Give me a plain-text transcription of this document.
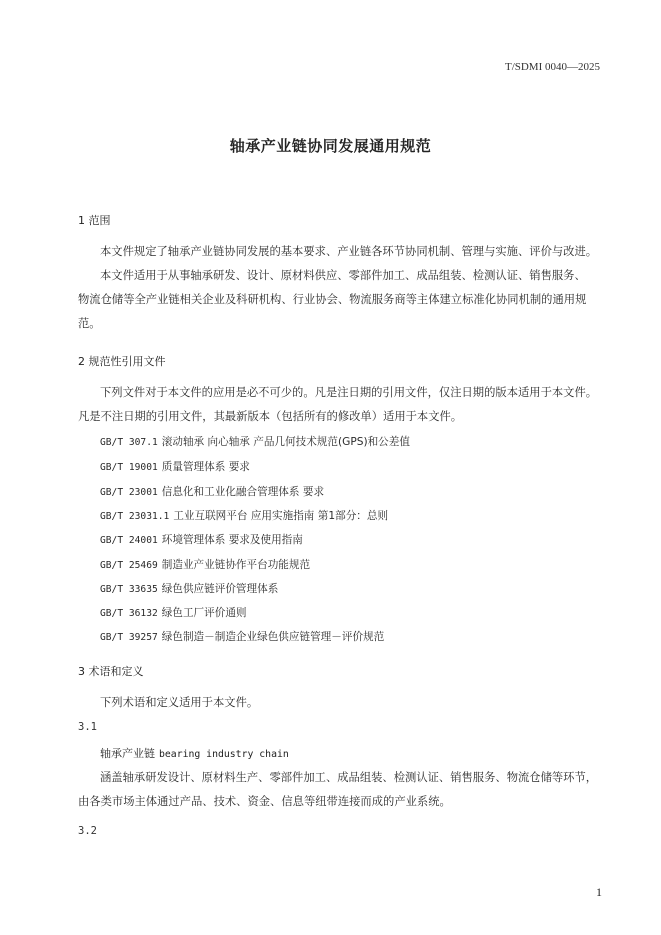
T/SDMI 0040—2025
轴承产业链协同发展通用规范
1 范围
本文件规定了轴承产业链协同发展的基本要求、产业链各环节协同机制、管理与实施、评价与改进。
本文件适用于从事轴承研发、设计、原材料供应、零部件加工、成品组装、检测认证、销售服务、
物流仓储等全产业链相关企业及科研机构、行业协会、物流服务商等主体建立标准化协同机制的通用规
范。
2 规范性引用文件
下列文件对于本文件的应用是必不可少的。凡是注日期的引用文件，仅注日期的版本适用于本文件。
凡是不注日期的引用文件，其最新版本（包括所有的修改单）适用于本文件。
GB/T 307.1 滚动轴承 向心轴承 产品几何技术规范(GPS)和公差值
GB/T 19001 质量管理体系 要求
GB/T 23001 信息化和工业化融合管理体系 要求
GB/T 23031.1 工业互联网平台 应用实施指南 第1部分：总则
GB/T 24001 环境管理体系 要求及使用指南
GB/T 25469 制造业产业链协作平台功能规范
GB/T 33635 绿色供应链评价管理体系
GB/T 36132 绿色工厂评价通则
GB/T 39257 绿色制造－制造企业绿色供应链管理－评价规范
3 术语和定义
下列术语和定义适用于本文件。
3.1
轴承产业链 bearing industry chain
涵盖轴承研发设计、原材料生产、零部件加工、成品组装、检测认证、销售服务、物流仓储等环节，
由各类市场主体通过产品、技术、资金、信息等纽带连接而成的产业系统。
3.2
1
